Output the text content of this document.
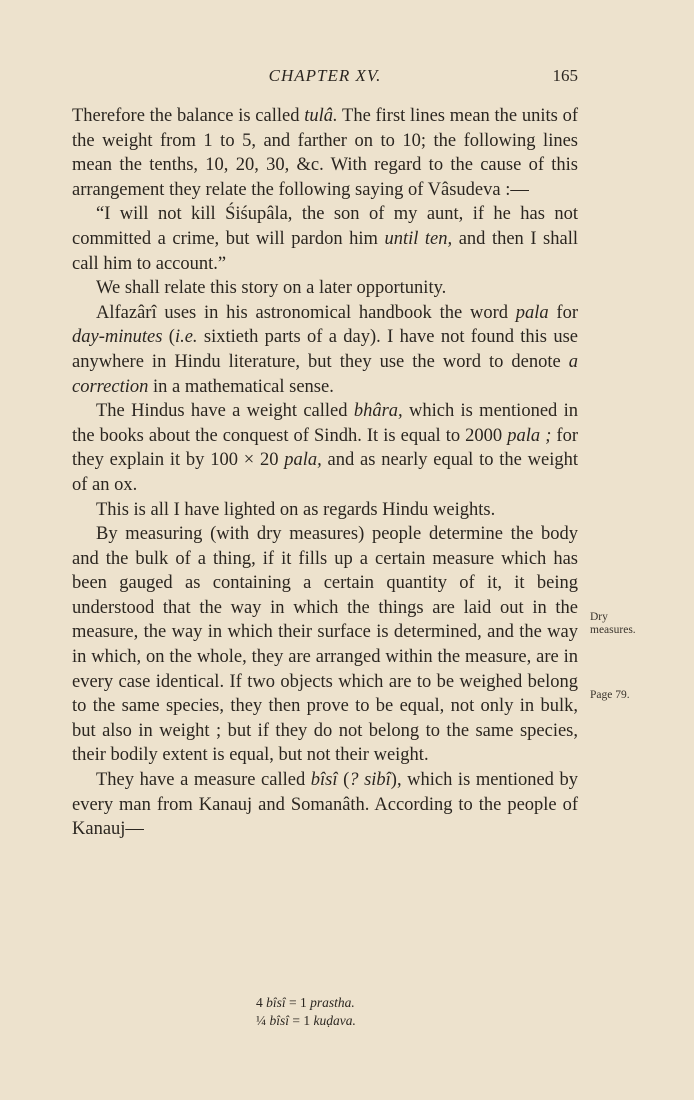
CHAPTER XV.	165

Therefore the balance is called tulâ. The first lines mean the units of the weight from 1 to 5, and farther on to 10; the following lines mean the tenths, 10, 20, 30, &c. With regard to the cause of this arrangement they relate the following saying of Vâsudeva :—

“I will not kill Śiśupâla, the son of my aunt, if he has not committed a crime, but will pardon him until ten, and then I shall call him to account.”

We shall relate this story on a later opportunity.

Alfazârî uses in his astronomical handbook the word pala for day-minutes (i.e. sixtieth parts of a day). I have not found this use anywhere in Hindu literature, but they use the word to denote a correction in a mathematical sense.

The Hindus have a weight called bhâra, which is mentioned in the books about the conquest of Sindh. It is equal to 2000 pala ; for they explain it by 100 × 20 pala, and as nearly equal to the weight of an ox.

This is all I have lighted on as regards Hindu weights.

By measuring (with dry measures) people determine the body and the bulk of a thing, if it fills up a certain measure which has been gauged as containing a certain quantity of it, it being understood that the way in which the things are laid out in the measure, the way in which their surface is determined, and the way in which, on the whole, they are arranged within the measure, are in every case identical. If two objects which are to be weighed belong to the same species, they then prove to be equal, not only in bulk, but also in weight ; but if they do not belong to the same species, their bodily extent is equal, but not their weight.

They have a measure called bîsî (? sibî), which is mentioned by every man from Kanauj and Somanâth. According to the people of Kanauj—

Dry
measures.
Page 79.
4 bîsî = 1 prastha.
¼ bîsî = 1 kuḍava.
